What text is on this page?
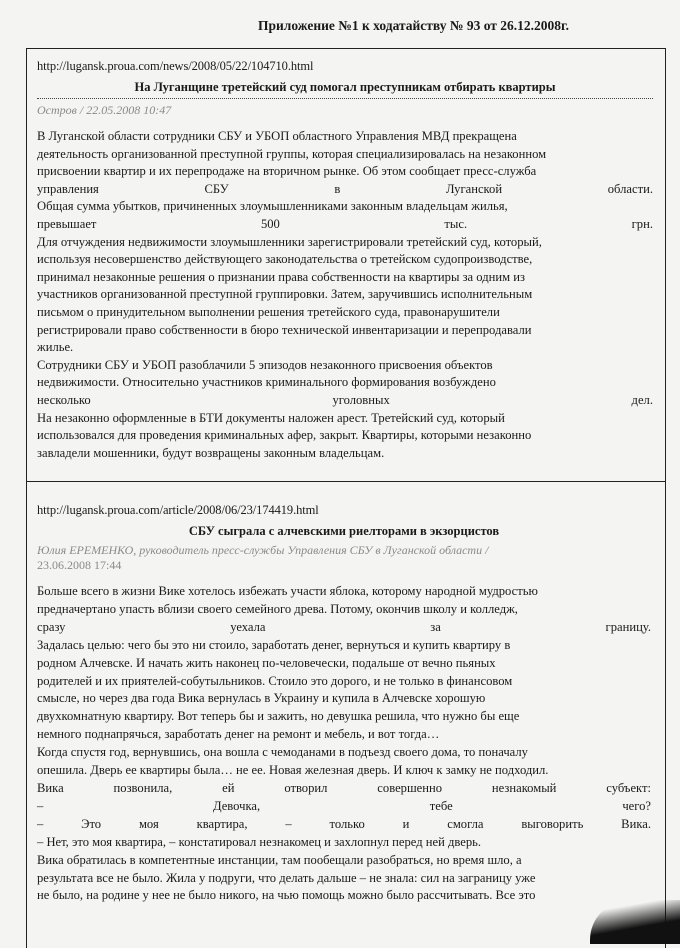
Приложение №1 к ходатайству № 93 от 26.12.2008г.
http://lugansk.proua.com/news/2008/05/22/104710.html
На Луганщине третейский суд помогал преступникам отбирать квартиры
Остров / 22.05.2008 10:47

В Луганской области сотрудники СБУ и УБОП областного Управления МВД прекращена

деятельность организованной преступной группы, которая специализировалась на незаконном

присвоении квартир и их перепродаже на вторичном рынке. Об этом сообщает пресс-служба

управления СБУ в Луганской области.

Общая сумма убытков, причиненных злоумышленниками законным владельцам жилья,

превышает 500 тыс. грн.

Для отчуждения недвижимости злоумышленники зарегистрировали третейский суд, который,

используя несовершенство действующего законодательства о третейском судопроизводстве,

принимал незаконные решения о признании права собственности на квартиры за одним из

участников организованной преступной группировки. Затем, заручившись исполнительным

письмом о принудительном выполнении решения третейского суда, правонарушители

регистрировали право собственности в бюро технической инвентаризации и перепродавали

жилье.

Сотрудники СБУ и УБОП разоблачили 5 эпизодов незаконного присвоения объектов

недвижимости. Относительно участников криминального формирования возбуждено

несколько уголовных дел.

На незаконно оформленные в БТИ документы наложен арест. Третейский суд, который

использовался для проведения криминальных афер, закрыт. Квартиры, которыми незаконно

завладели мошенники, будут возвращены законным владельцам.

http://lugansk.proua.com/article/2008/06/23/174419.html
СБУ сыграла с алчевскими риелторами в экзорцистов
Юлия ЕРЕМЕНКО, руководитель пресс-службы Управления СБУ в Луганской области /
23.06.2008 17:44

Больше всего в жизни Вике хотелось избежать участи яблока, которому народной мудростью

предначертано упасть вблизи своего семейного древа. Потому, окончив школу и колледж,

сразу уехала за границу.

Задалась целью: чего бы это ни стоило, заработать денег, вернуться и купить квартиру в

родном Алчевске. И начать жить наконец по-человечески, подальше от вечно пьяных

родителей и их приятелей-собутыльников. Стоило это дорого, и не только в финансовом

смысле, но через два года Вика вернулась в Украину и купила в Алчевске хорошую

двухкомнатную квартиру. Вот теперь бы и зажить, но девушка решила, что нужно бы еще

немного поднапрячься, заработать денег на ремонт и мебель, и вот тогда…

Когда спустя год, вернувшись, она вошла с чемоданами в подъезд своего дома, то поначалу

опешила. Дверь ее квартиры была… не ее. Новая железная дверь. И ключ к замку не подходил.

Вика позвонила, ей отворил совершенно незнакомый субъект:

– Девочка, тебе чего?

– Это моя квартира, – только и смогла выговорить Вика.

– Нет, это моя квартира, – констатировал незнакомец и захлопнул перед ней дверь.

Вика обратилась в компетентные инстанции, там пообещали разобраться, но время шло, а

результата все не было. Жила у подруги, что делать дальше – не знала: сил на заграницу уже

не было, на родине у нее не было никого, на чью помощь можно было рассчитывать. Все это
